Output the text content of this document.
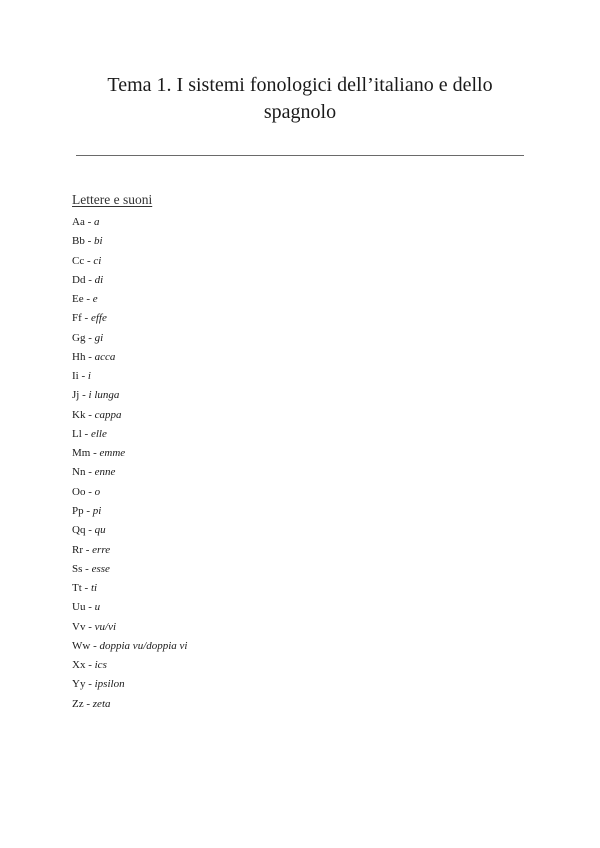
Tema 1. I sistemi fonologici dell’italiano e dello spagnolo
Lettere e suoni
Aa - a
Bb - bi
Cc - ci
Dd - di
Ee - e
Ff - effe
Gg - gi
Hh - acca
Ii - i
Jj - i lunga
Kk - cappa
Ll - elle
Mm - emme
Nn - enne
Oo - o
Pp - pi
Qq - qu
Rr - erre
Ss - esse
Tt - ti
Uu - u
Vv - vu/vi
Ww - doppia vu/doppia vi
Xx - ics
Yy - ipsilon
Zz - zeta
